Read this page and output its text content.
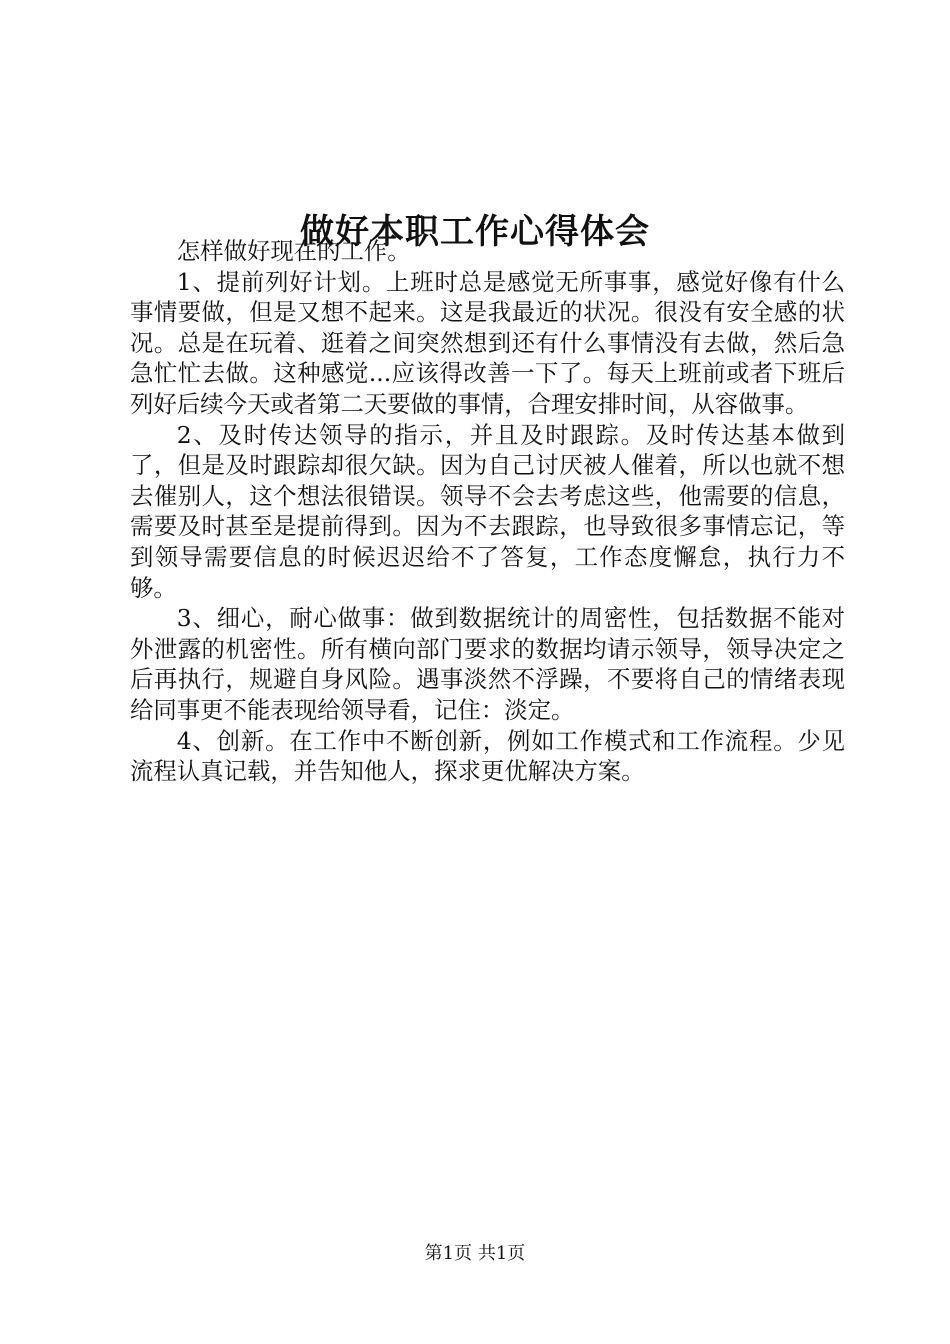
做好本职工作心得体会

怎样做好现在的工作。

1、提前列好计划。上班时总是感觉无所事事，感觉好像有什么事情要做，但是又想不起来。这是我最近的状况。很没有安全感的状况。总是在玩着、逛着之间突然想到还有什么事情没有去做，然后急急忙忙去做。这种感觉...应该得改善一下了。每天上班前或者下班后列好后续今天或者第二天要做的事情，合理安排时间，从容做事。

2、及时传达领导的指示，并且及时跟踪。及时传达基本做到了，但是及时跟踪却很欠缺。因为自己讨厌被人催着，所以也就不想去催别人，这个想法很错误。领导不会去考虑这些，他需要的信息，需要及时甚至是提前得到。因为不去跟踪，也导致很多事情忘记，等到领导需要信息的时候迟迟给不了答复，工作态度懈怠，执行力不够。

3、细心，耐心做事：做到数据统计的周密性，包括数据不能对外泄露的机密性。所有横向部门要求的数据均请示领导，领导决定之后再执行，规避自身风险。遇事淡然不浮躁，不要将自己的情绪表现给同事更不能表现给领导看，记住：淡定。

4、创新。在工作中不断创新，例如工作模式和工作流程。少见流程认真记载，并告知他人，探求更优解决方案。

第1页 共1页
